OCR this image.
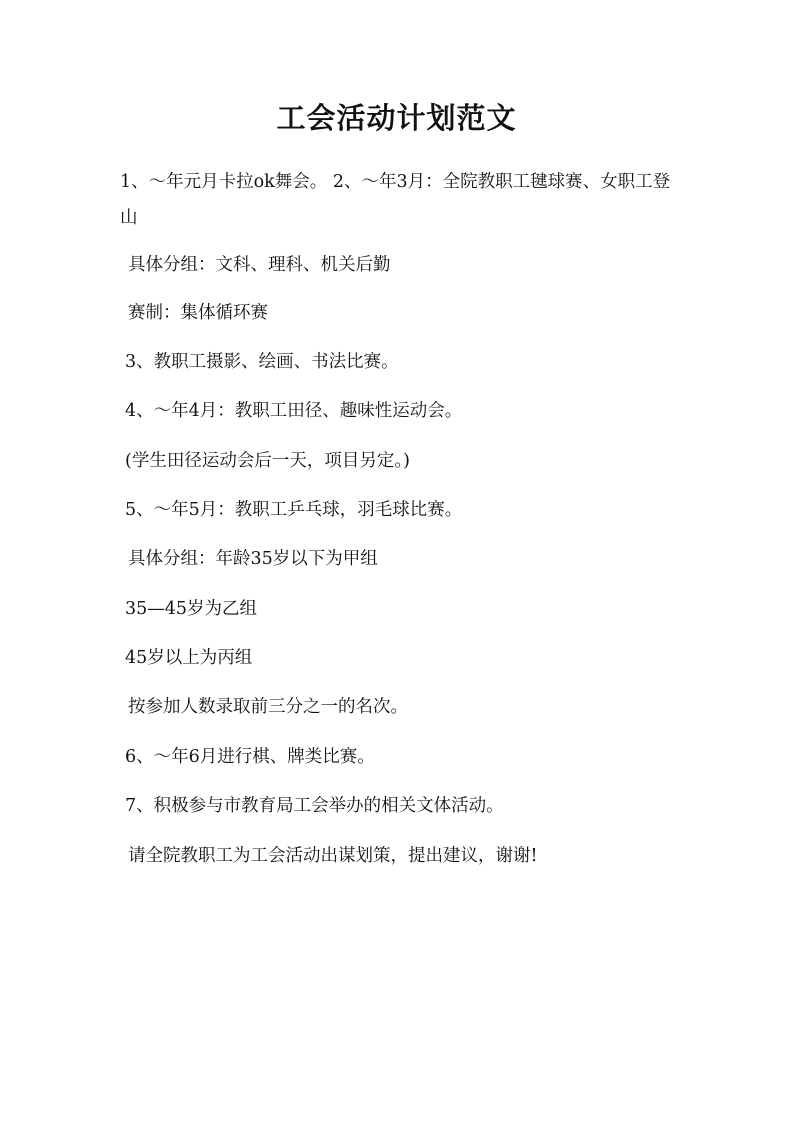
工会活动计划范文
1、～年元月卡拉ok舞会。 2、～年3月：全院教职工毽球赛、女职工登山
具体分组：文科、理科、机关后勤
赛制：集体循环赛
3、教职工摄影、绘画、书法比赛。
4、～年4月：教职工田径、趣味性运动会。
(学生田径运动会后一天，项目另定。)
5、～年5月：教职工乒乓球，羽毛球比赛。
具体分组：年龄35岁以下为甲组
35—45岁为乙组
45岁以上为丙组
按参加人数录取前三分之一的名次。
6、～年6月进行棋、牌类比赛。
7、积极参与市教育局工会举办的相关文体活动。
请全院教职工为工会活动出谋划策，提出建议，谢谢!
